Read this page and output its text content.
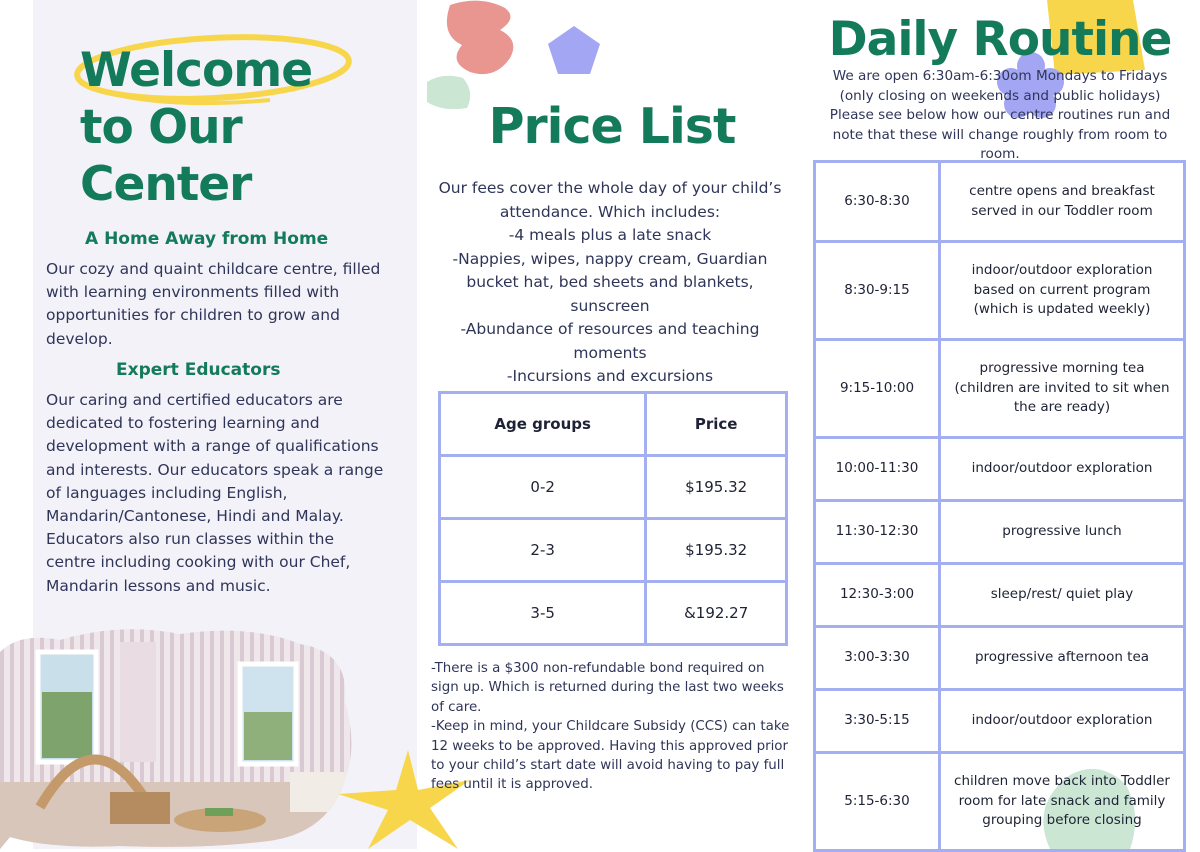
Welcome
to Our
Center
A Home Away from Home

Our cozy and quaint childcare centre, filled with learning environments filled with opportunities for children to grow and develop.

Expert Educators

Our caring and certified educators are dedicated to fostering learning and development with a range of qualifications and interests. Our educators speak a range of languages including English, Mandarin/Cantonese, Hindi and Malay. Educators also run classes within the centre including cooking with our Chef, Mandarin lessons and music.

Price List
Our fees cover the whole day of your child’s attendance. Which includes:
-4 meals plus a late snack
-Nappies, wipes, nappy cream, Guardian bucket hat, bed sheets and blankets, sunscreen
-Abundance of resources and teaching moments
-Incursions and excursions
Age groups	Price
0-2	$195.32
2-3	$195.32
3-5	&192.27
-There is a $300 non-refundable bond required on sign up. Which is returned during the last two weeks of care.
-Keep in mind, your Childcare Subsidy (CCS) can take 12 weeks to be approved. Having this approved prior to your child’s start date will avoid having to pay full fees until it is approved.
Daily Routine
We are open 6:30am-6:30om Mondays to Fridays
(only closing on weekends and public holidays)
Please see below how our centre routines run and note that these will change roughly from room to room.
6:30-8:30	centre opens and breakfast served in our Toddler room
8:30-9:15	indoor/outdoor exploration based on current program (which is updated weekly)
9:15-10:00	progressive morning tea (children are invited to sit when the are ready)
10:00-11:30	indoor/outdoor exploration
11:30-12:30	progressive lunch
12:30-3:00	sleep/rest/ quiet play
3:00-3:30	progressive afternoon tea
3:30-5:15	indoor/outdoor exploration
5:15-6:30	children move back into Toddler room for late snack and family grouping before closing
